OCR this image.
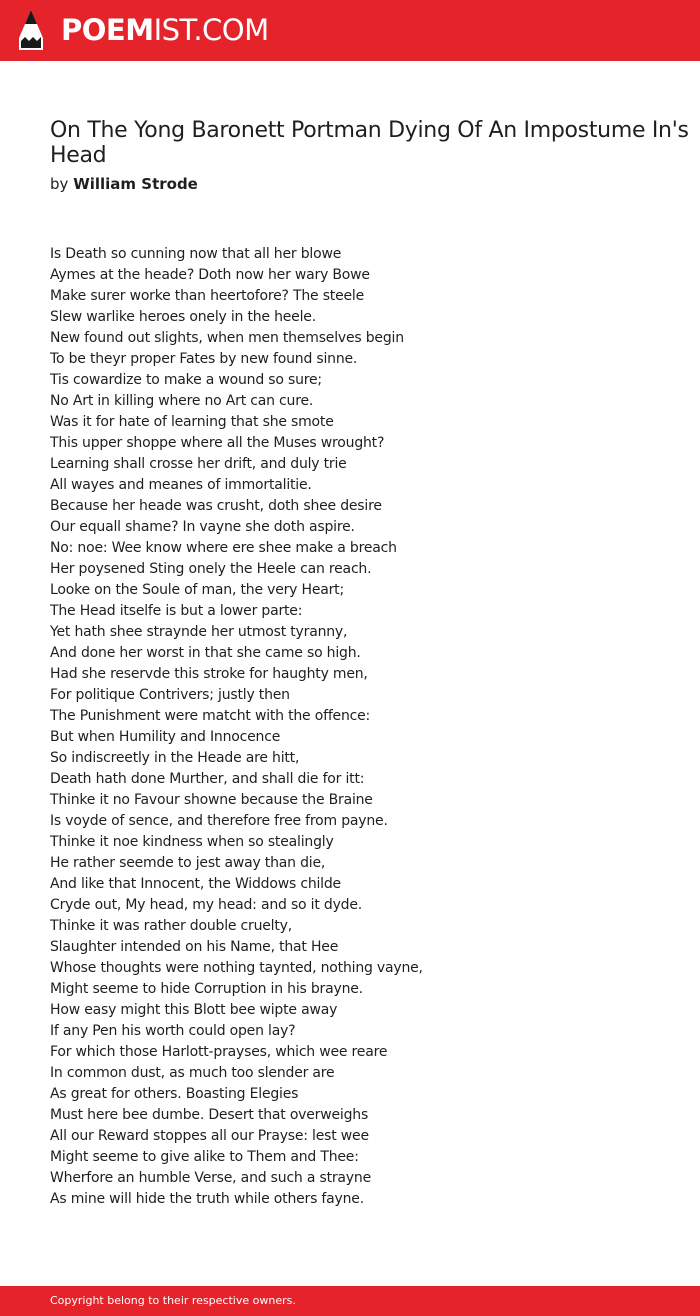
POEMIST.COM
On The Yong Baronett Portman Dying Of An Impostume In's Head
by William Strode
Is Death so cunning now that all her blowe
Aymes at the heade? Doth now her wary Bowe
Make surer worke than heertofore? The steele
Slew warlike heroes onely in the heele.
New found out slights, when men themselves begin
To be theyr proper Fates by new found sinne.
Tis cowardize to make a wound so sure;
No Art in killing where no Art can cure.
Was it for hate of learning that she smote
This upper shoppe where all the Muses wrought?
Learning shall crosse her drift, and duly trie
All wayes and meanes of immortalitie.
Because her heade was crusht, doth shee desire
Our equall shame? In vayne she doth aspire.
No: noe: Wee know where ere shee make a breach
Her poysened Sting onely the Heele can reach.
Looke on the Soule of man, the very Heart;
The Head itselfe is but a lower parte:
Yet hath shee straynde her utmost tyranny,
And done her worst in that she came so high.
Had she reservde this stroke for haughty men,
For politique Contrivers; justly then
The Punishment were matcht with the offence:
But when Humility and Innocence
So indiscreetly in the Heade are hitt,
Death hath done Murther, and shall die for itt:
Thinke it no Favour showne because the Braine
Is voyde of sence, and therefore free from payne.
Thinke it noe kindness when so stealingly
He rather seemde to jest away than die,
And like that Innocent, the Widdows childe
Cryde out, My head, my head: and so it dyde.
Thinke it was rather double cruelty,
Slaughter intended on his Name, that Hee
Whose thoughts were nothing taynted, nothing vayne,
Might seeme to hide Corruption in his brayne.
How easy might this Blott bee wipte away
If any Pen his worth could open lay?
For which those Harlott-prayses, which wee reare
In common dust, as much too slender are
As great for others. Boasting Elegies
Must here bee dumbe. Desert that overweighs
All our Reward stoppes all our Prayse: lest wee
Might seeme to give alike to Them and Thee:
Wherfore an humble Verse, and such a strayne
As mine will hide the truth while others fayne.
Copyright belong to their respective owners.
